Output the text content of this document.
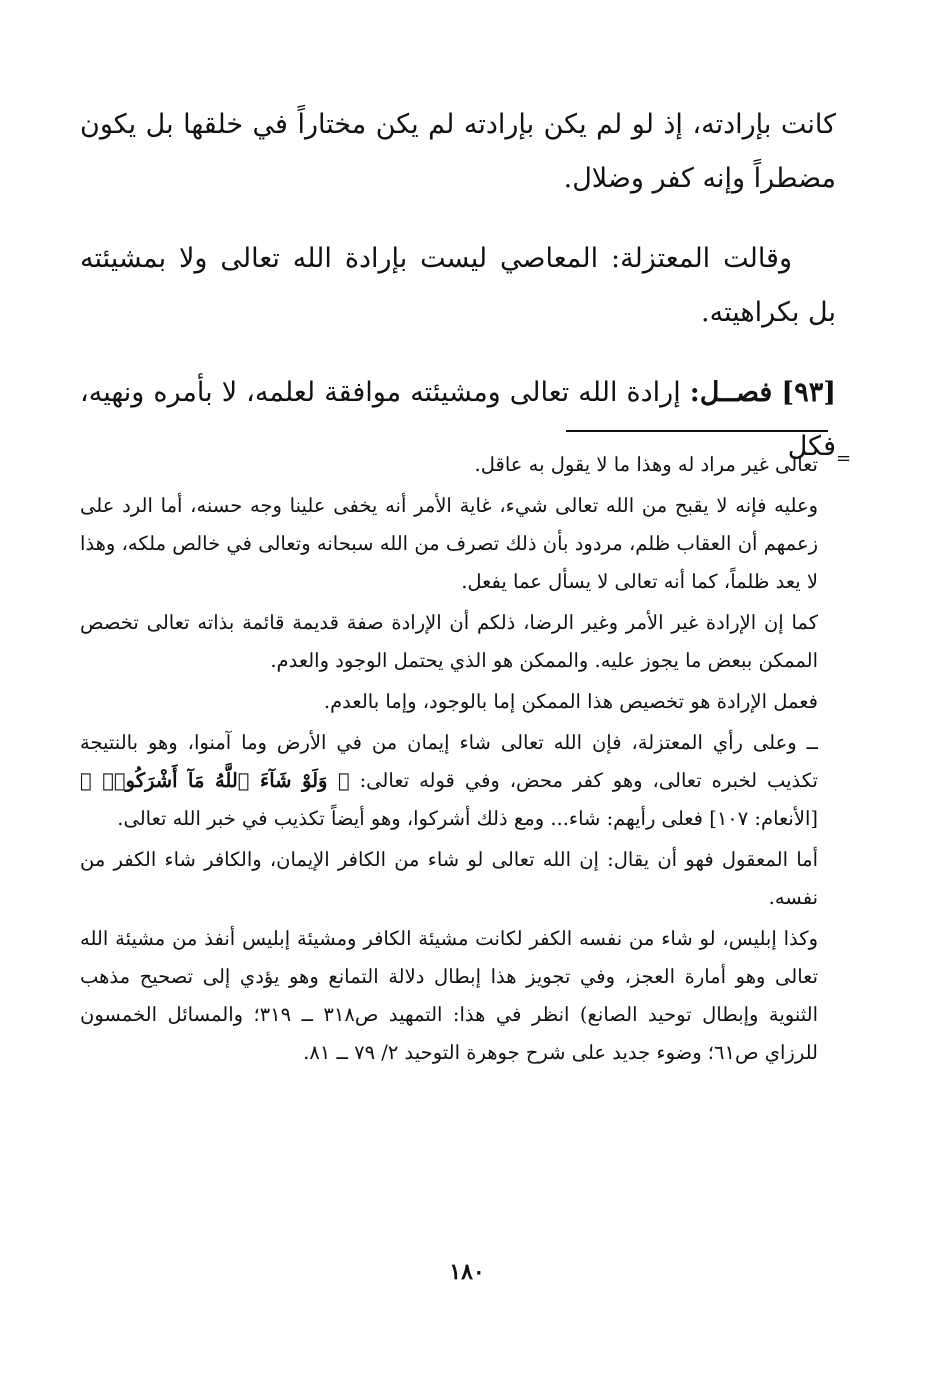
كانت بإرادته، إذ لو لم يكن بإرادته لم يكن مختاراً في خلقها بل يكون مضطراً وإنه كفر وضلال.

وقالت المعتزلة: المعاصي ليست بإرادة الله تعالى ولا بمشيئته بل بكراهيته.

[٩٣] فصــل: إرادة الله تعالى ومشيئته موافقة لعلمه، لا بأمره ونهيه، فكل =

تعالى غير مراد له وهذا ما لا يقول به عاقل.

وعليه فإنه لا يقبح من الله تعالى شيء، غاية الأمر أنه يخفى علينا وجه حسنه، أما الرد على زعمهم أن العقاب ظلم، مردود بأن ذلك تصرف من الله سبحانه وتعالى في خالص ملكه، وهذا لا يعد ظلماً، كما أنه تعالى لا يسأل عما يفعل.

كما إن الإرادة غير الأمر وغير الرضا، ذلكم أن الإرادة صفة قديمة قائمة بذاته تعالى تخصص الممكن ببعض ما يجوز عليه. والممكن هو الذي يحتمل الوجود والعدم.

فعمل الإرادة هو تخصيص هذا الممكن إما بالوجود، وإما بالعدم.

ــ وعلى رأي المعتزلة، فإن الله تعالى شاء إيمان من في الأرض وما آمنوا، وهو بالنتيجة تكذيب لخبره تعالى، وهو كفر محض، وفي قوله تعالى: ﴿ وَلَوْ شَآءَ ٱللَّهُ مَآ أَشْرَكُوا۟ ﴾ [الأنعام: ١٠٧] فعلى رأيهم: شاء... ومع ذلك أشركوا، وهو أيضاً تكذيب في خبر الله تعالى.

أما المعقول فهو أن يقال: إن الله تعالى لو شاء من الكافر الإيمان، والكافر شاء الكفر من نفسه.

وكذا إبليس، لو شاء من نفسه الكفر لكانت مشيئة الكافر ومشيئة إبليس أنفذ من مشيئة الله تعالى وهو أمارة العجز، وفي تجويز هذا إبطال دلالة التمانع وهو يؤدي إلى تصحيح مذهب الثنوية وإبطال توحيد الصانع) انظر في هذا: التمهيد ص٣١٨ ــ ٣١٩؛ والمسائل الخمسون للرزاي ص٦١؛ وضوء جديد على شرح جوهرة التوحيد ٢/ ٧٩ ــ ٨١.

١٨٠
